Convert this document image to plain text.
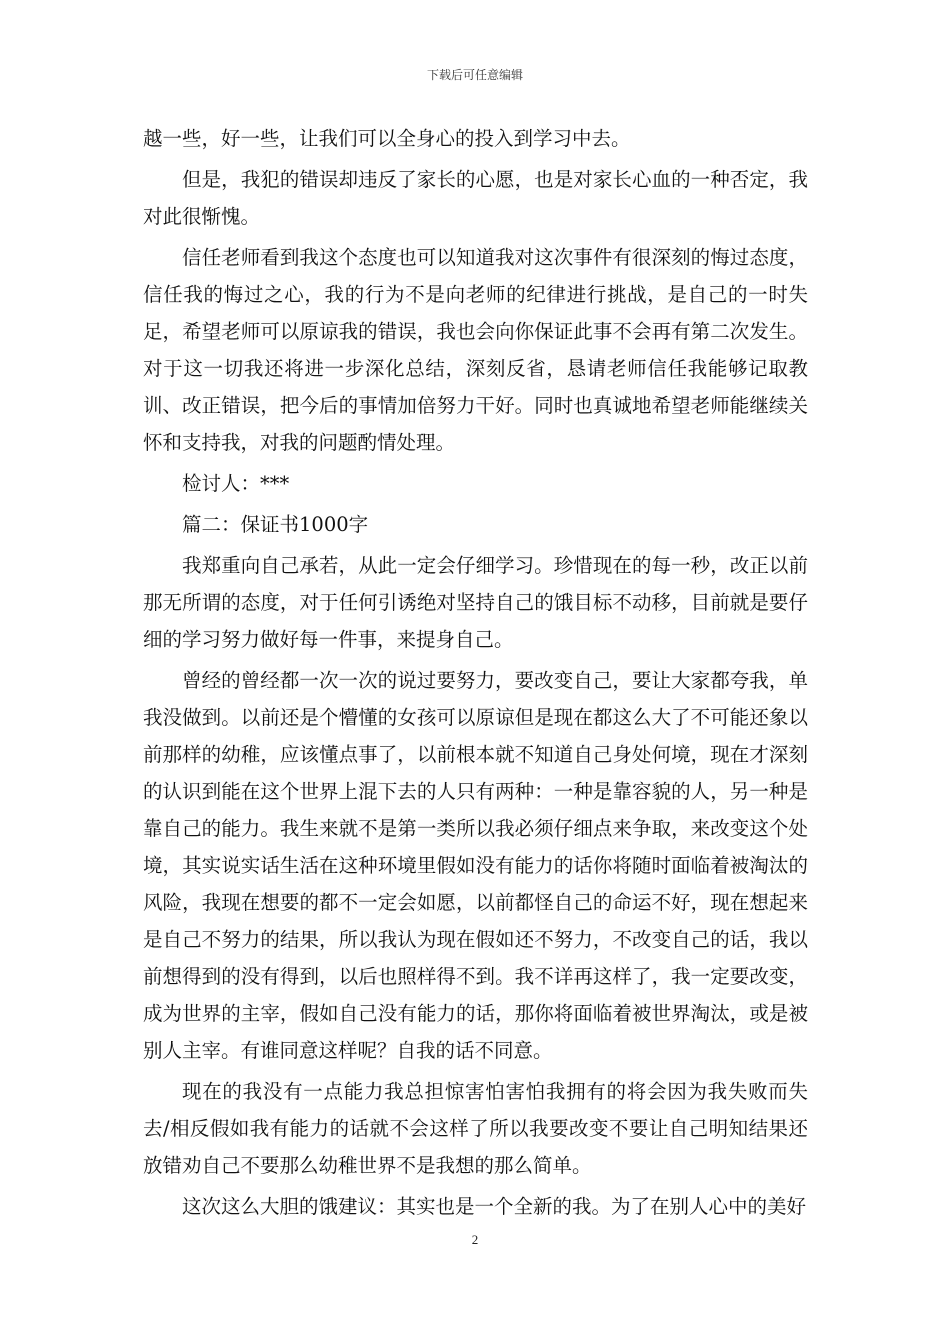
下载后可任意编辑

越一些，好一些，让我们可以全身心的投入到学习中去。

但是，我犯的错误却违反了家长的心愿，也是对家长心血的一种否定，我对此很惭愧。

信任老师看到我这个态度也可以知道我对这次事件有很深刻的悔过态度，信任我的悔过之心，我的行为不是向老师的纪律进行挑战，是自己的一时失足，希望老师可以原谅我的错误，我也会向你保证此事不会再有第二次发生。对于这一切我还将进一步深化总结，深刻反省，恳请老师信任我能够记取教训、改正错误，把今后的事情加倍努力干好。同时也真诚地希望老师能继续关怀和支持我，对我的问题酌情处理。

检讨人：***

篇二：保证书1000字

我郑重向自己承若，从此一定会仔细学习。珍惜现在的每一秒，改正以前那无所谓的态度，对于任何引诱绝对坚持自己的饿目标不动移，目前就是要仔细的学习努力做好每一件事，来提身自己。

曾经的曾经都一次一次的说过要努力，要改变自己，要让大家都夸我，单我没做到。以前还是个懵懂的女孩可以原谅但是现在都这么大了不可能还象以前那样的幼稚，应该懂点事了，以前根本就不知道自己身处何境，现在才深刻的认识到能在这个世界上混下去的人只有两种：一种是靠容貌的人，另一种是靠自己的能力。我生来就不是第一类所以我必须仔细点来争取，来改变这个处境，其实说实话生活在这种环境里假如没有能力的话你将随时面临着被淘汰的风险，我现在想要的都不一定会如愿，以前都怪自己的命运不好，现在想起来是自己不努力的结果，所以我认为现在假如还不努力，不改变自己的话，我以前想得到的没有得到，以后也照样得不到。我不详再这样了，我一定要改变，成为世界的主宰，假如自己没有能力的话，那你将面临着被世界淘汰，或是被别人主宰。有谁同意这样呢？自我的话不同意。

现在的我没有一点能力我总担惊害怕害怕我拥有的将会因为我失败而失去/相反假如我有能力的话就不会这样了所以我要改变不要让自己明知结果还放错劝自己不要那么幼稚世界不是我想的那么简单。

这次这么大胆的饿建议：其实也是一个全新的我。为了在别人心中的美好

2
